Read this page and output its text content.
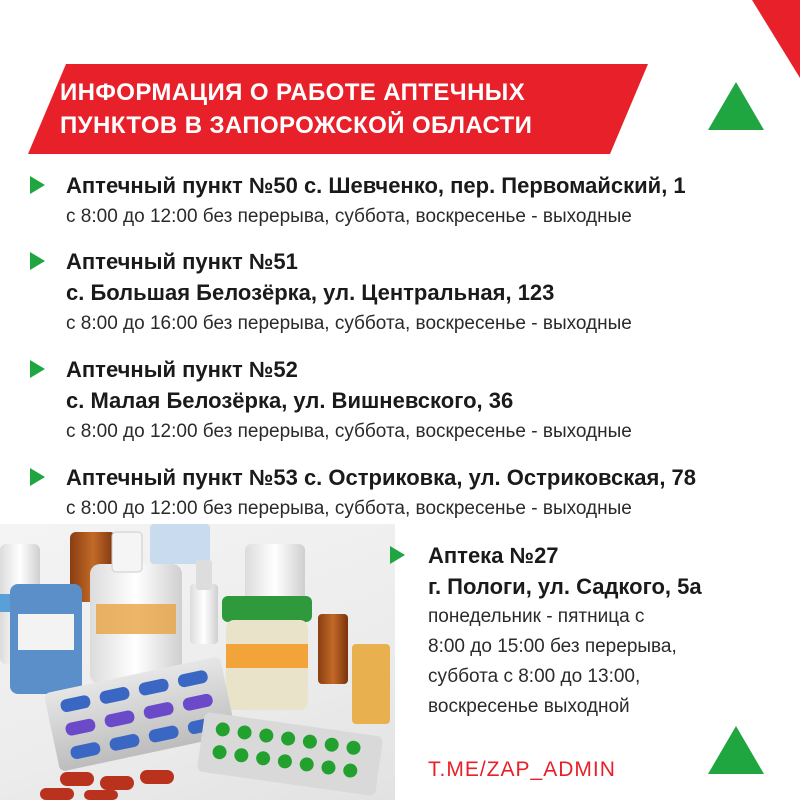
ИНФОРМАЦИЯ О РАБОТЕ АПТЕЧНЫХ
ПУНКТОВ В ЗАПОРОЖСКОЙ ОБЛАСТИ
Аптечный пункт №50 с. Шевченко, пер. Первомайский, 1
с 8:00 до 12:00 без перерыва, суббота, воскресенье - выходные
Аптечный пункт №51
с. Большая Белозёрка, ул. Центральная, 123
с 8:00 до 16:00 без перерыва, суббота, воскресенье - выходные
Аптечный пункт №52
с. Малая Белозёрка, ул. Вишневского, 36
с 8:00 до 12:00 без перерыва, суббота, воскресенье - выходные
Аптечный пункт №53 с. Остриковка, ул. Остриковская, 78
с 8:00 до 12:00 без перерыва, суббота, воскресенье - выходные
Аптека №27
г. Пологи, ул. Садкого, 5а
понедельник - пятница с
8:00 до 15:00 без перерыва,
суббота с 8:00 до 13:00,
воскресенье выходной
T.ME/ZAP_ADMIN
